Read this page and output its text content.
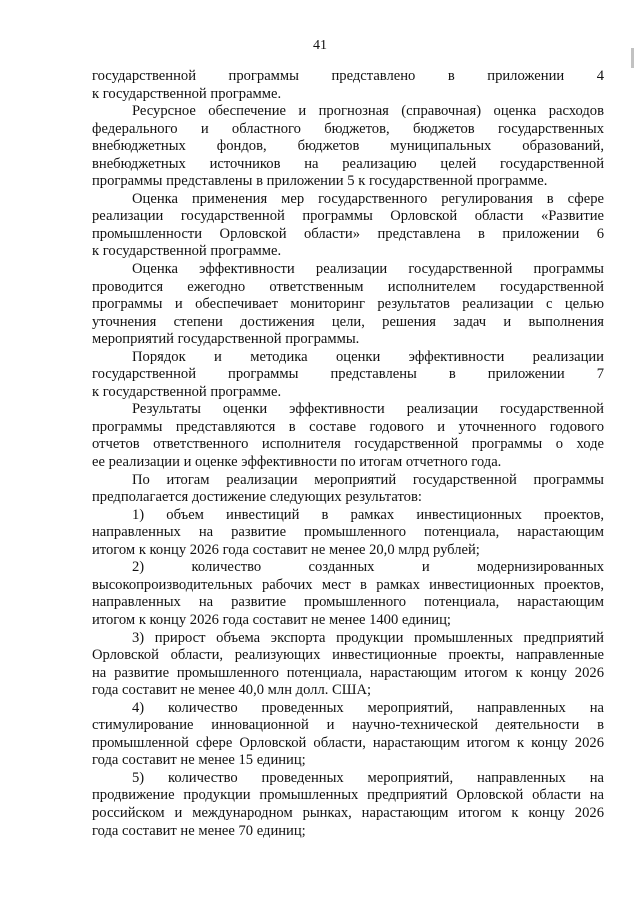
41
государственной программы представлено в приложении 4
к государственной программе.
Ресурсное обеспечение и прогнозная (справочная) оценка расходов
федерального и областного бюджетов, бюджетов государственных
внебюджетных фондов, бюджетов муниципальных образований,
внебюджетных источников на реализацию целей государственной
программы представлены в приложении 5 к государственной программе.
Оценка применения мер государственного регулирования в сфере
реализации государственной программы Орловской области «Развитие
промышленности Орловской области» представлена в приложении 6
к государственной программе.
Оценка эффективности реализации государственной программы
проводится ежегодно ответственным исполнителем государственной
программы и обеспечивает мониторинг результатов реализации с целью
уточнения степени достижения цели, решения задач и выполнения
мероприятий государственной программы.
Порядок и методика оценки эффективности реализации
государственной программы представлены в приложении 7
к государственной программе.
Результаты оценки эффективности реализации государственной
программы представляются в составе годового и уточненного годового
отчетов ответственного исполнителя государственной программы о ходе
ее реализации и оценке эффективности по итогам отчетного года.
По итогам реализации мероприятий государственной программы
предполагается достижение следующих результатов:
1) объем инвестиций в рамках инвестиционных проектов,
направленных на развитие промышленного потенциала, нарастающим
итогом к концу 2026 года составит не менее 20,0 млрд рублей;
2) количество созданных и модернизированных
высокопроизводительных рабочих мест в рамках инвестиционных проектов,
направленных на развитие промышленного потенциала, нарастающим
итогом к концу 2026 года составит не менее 1400 единиц;
3) прирост объема экспорта продукции промышленных предприятий
Орловской области, реализующих инвестиционные проекты, направленные
на развитие промышленного потенциала, нарастающим итогом к концу 2026
года составит не менее 40,0 млн долл. США;
4) количество проведенных мероприятий, направленных на
стимулирование инновационной и научно-технической деятельности в
промышленной сфере Орловской области, нарастающим итогом к концу 2026
года составит не менее 15 единиц;
5) количество проведенных мероприятий, направленных на
продвижение продукции промышленных предприятий Орловской области на
российском и международном рынках, нарастающим итогом к концу 2026
года составит не менее 70 единиц;
